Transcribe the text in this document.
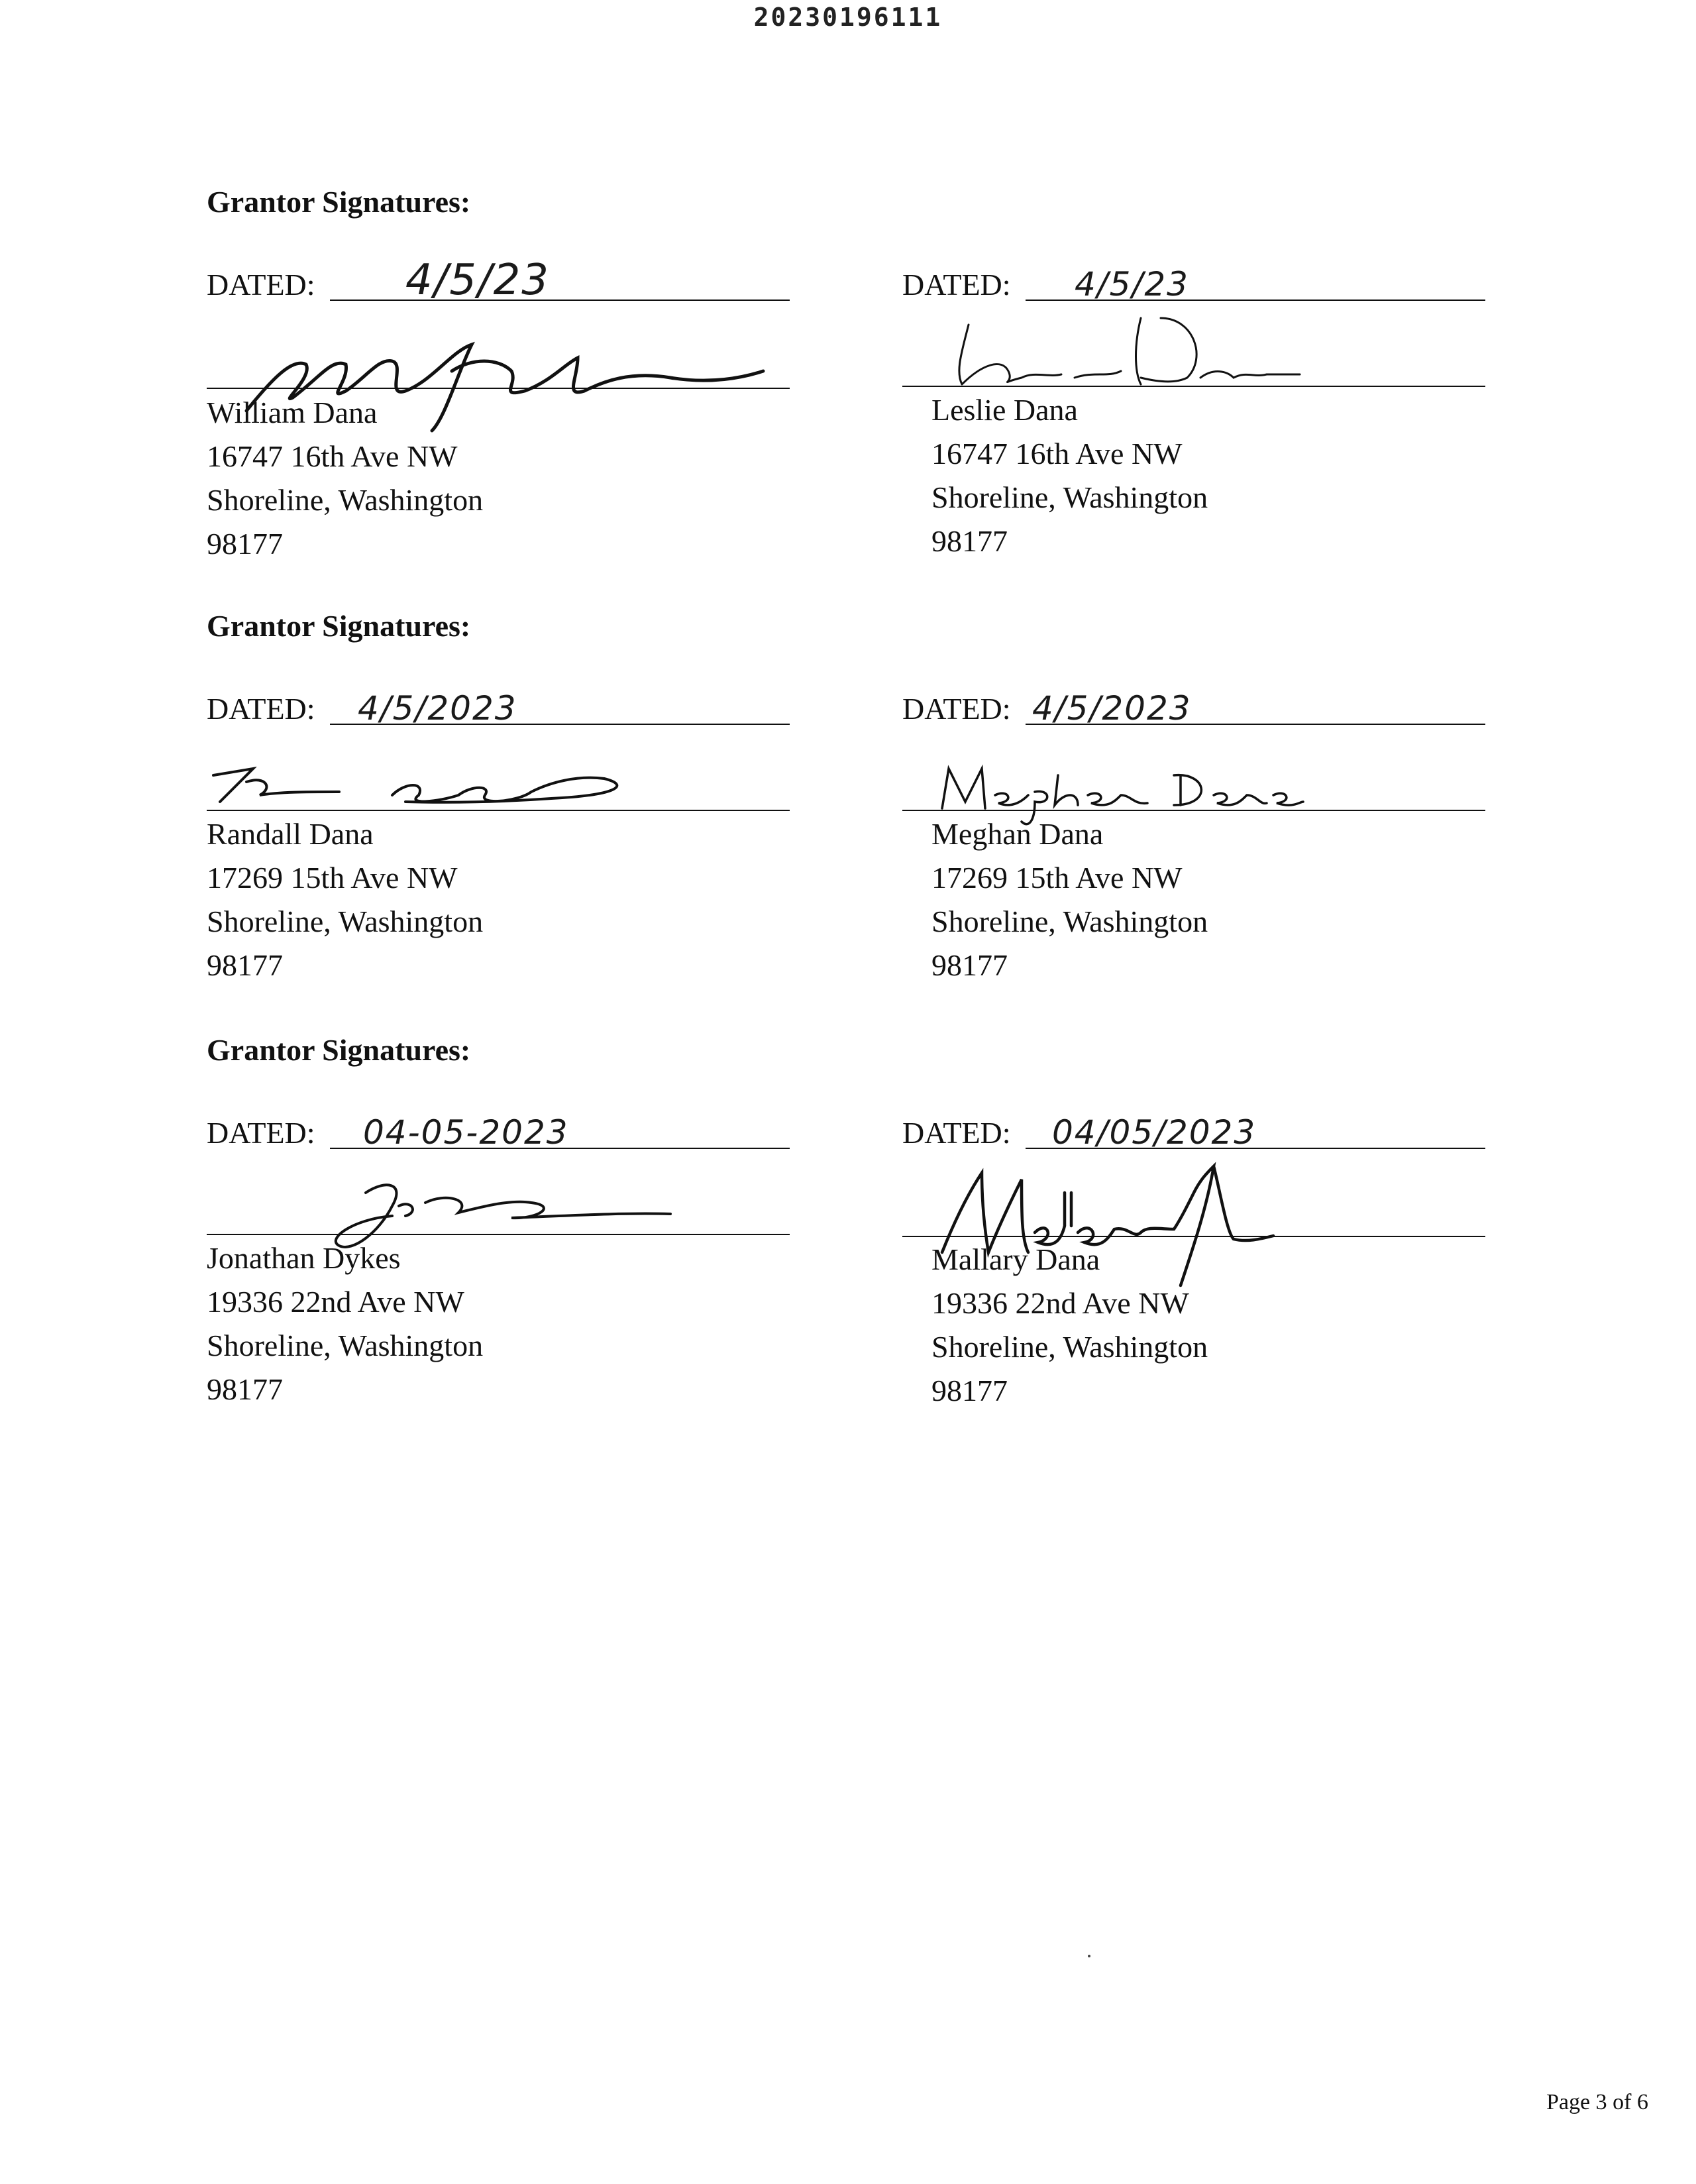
20230196111
Grantor Signatures:
DATED: 4/5/23
William Dana
16747 16th Ave NW
Shoreline, Washington
98177
DATED: 4/5/23
Leslie Dana
16747 16th Ave NW
Shoreline, Washington
98177
Grantor Signatures:
DATED: 4/5/2023
Randall Dana
17269 15th Ave NW
Shoreline, Washington
98177
DATED: 4/5/2023
Meghan Dana
17269 15th Ave NW
Shoreline, Washington
98177
Grantor Signatures:
DATED: 04-05-2023
Jonathan Dykes
19336 22nd Ave NW
Shoreline, Washington
98177
DATED: 04/05/2023
Mallary Dana
19336 22nd Ave NW
Shoreline, Washington
98177
Page 3 of 6
